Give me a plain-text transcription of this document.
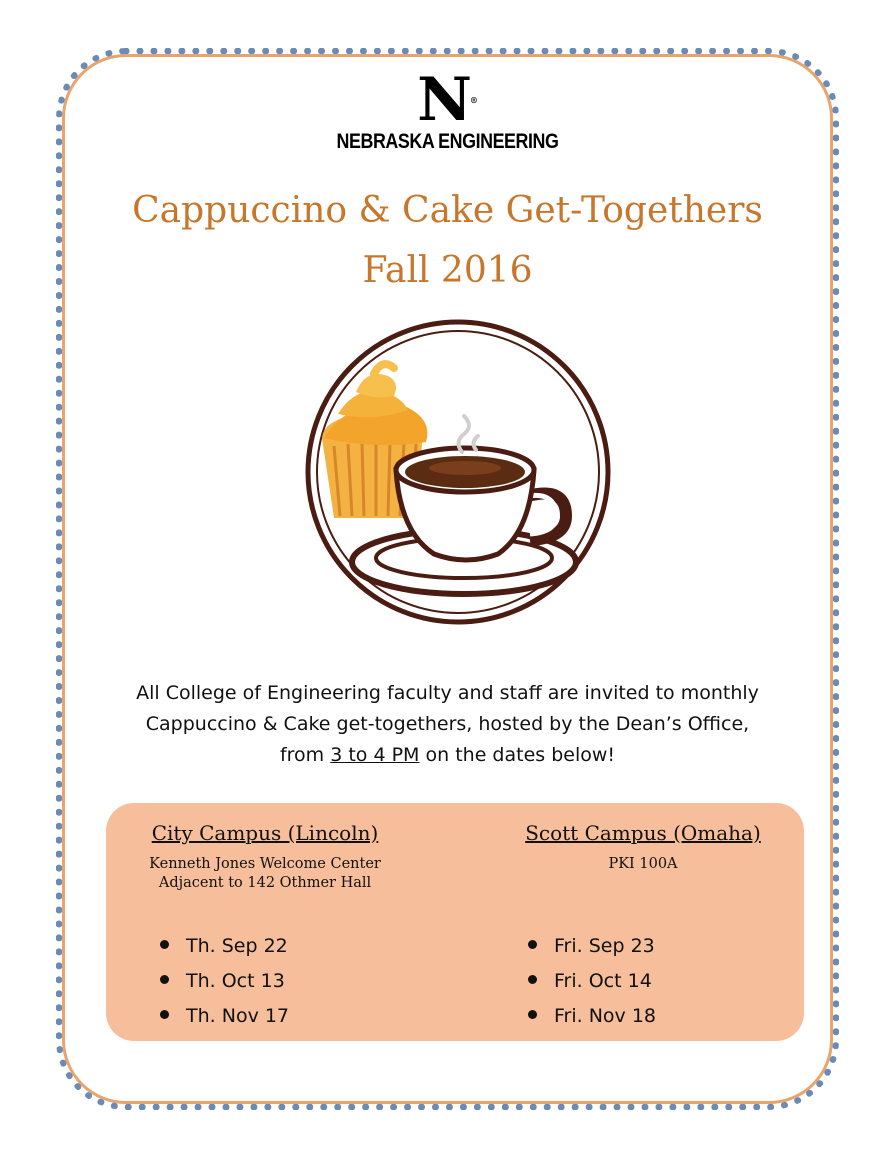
N®
NEBRASKA ENGINEERING
Cappuccino & Cake Get-Togethers
Fall 2016
All College of Engineering faculty and staff are invited to monthly
Cappuccino & Cake get-togethers, hosted by the Dean’s Office,
from 3 to 4 PM on the dates below!
City Campus (Lincoln)
Kenneth Jones Welcome Center
Adjacent to 142 Othmer Hall
Th. Sep 22
Th. Oct 13
Th. Nov 17
Scott Campus (Omaha)
PKI 100A
Fri. Sep 23
Fri. Oct 14
Fri. Nov 18
